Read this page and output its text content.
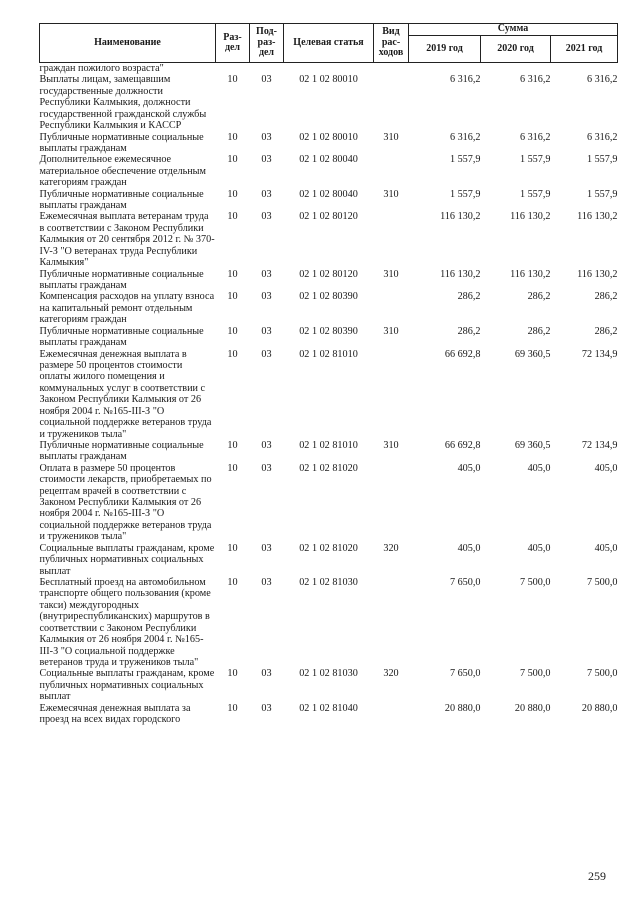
Наименование	Раз-дел	Под-раз-дел	Целевая статья	Вид рас-ходов	Сумма		
					2019 год	2020 год	2021 год
граждан пожилого возраста"							
Выплаты лицам, замещавшим государственные должности Республики Калмыкия, должности государственной гражданской службы Республики Калмыкия и КАССР	10	03	02 1 02 80010		6 316,2	6 316,2	6 316,2
Публичные нормативные социальные выплаты гражданам	10	03	02 1 02 80010	310	6 316,2	6 316,2	6 316,2
Дополнительное ежемесячное материальное обеспечение отдельным категориям граждан	10	03	02 1 02 80040		1 557,9	1 557,9	1 557,9
Публичные нормативные социальные выплаты гражданам	10	03	02 1 02 80040	310	1 557,9	1 557,9	1 557,9
Ежемесячная выплата ветеранам труда в соответствии с Законом Республики Калмыкия от 20 сентября 2012 г. № 370-IV-З "О ветеранах труда Республики Калмыкия"	10	03	02 1 02 80120		116 130,2	116 130,2	116 130,2
Публичные нормативные социальные выплаты гражданам	10	03	02 1 02 80120	310	116 130,2	116 130,2	116 130,2
Компенсация расходов на уплату взноса на капитальный ремонт отдельным категориям граждан	10	03	02 1 02 80390		286,2	286,2	286,2
Публичные нормативные социальные выплаты гражданам	10	03	02 1 02 80390	310	286,2	286,2	286,2
Ежемесячная денежная выплата в размере 50 процентов стоимости оплаты жилого помещения и коммунальных услуг в соответствии с Законом Республики Калмыкия от 26 ноября 2004 г. №165-III-З "О социальной поддержке ветеранов труда и тружеников тыла"	10	03	02 1 02 81010		66 692,8	69 360,5	72 134,9
Публичные нормативные социальные выплаты гражданам	10	03	02 1 02 81010	310	66 692,8	69 360,5	72 134,9
Оплата в размере 50 процентов стоимости лекарств, приобретаемых по рецептам врачей в соответствии с Законом Республики Калмыкия от 26 ноября 2004 г. №165-III-З "О социальной поддержке ветеранов труда и тружеников тыла"	10	03	02 1 02 81020		405,0	405,0	405,0
Социальные выплаты гражданам, кроме публичных нормативных социальных выплат	10	03	02 1 02 81020	320	405,0	405,0	405,0
Бесплатный проезд на автомобильном транспорте общего пользования (кроме такси) междугородных (внутриреспубликанских) маршрутов в соответствии с Законом Республики Калмыкия от 26 ноября 2004 г. №165-III-З "О социальной поддержке ветеранов труда и тружеников тыла"	10	03	02 1 02 81030		7 650,0	7 500,0	7 500,0
Социальные выплаты гражданам, кроме публичных нормативных социальных выплат	10	03	02 1 02 81030	320	7 650,0	7 500,0	7 500,0
Ежемесячная денежная выплата за проезд на всех видах городского	10	03	02 1 02 81040		20 880,0	20 880,0	20 880,0
259
